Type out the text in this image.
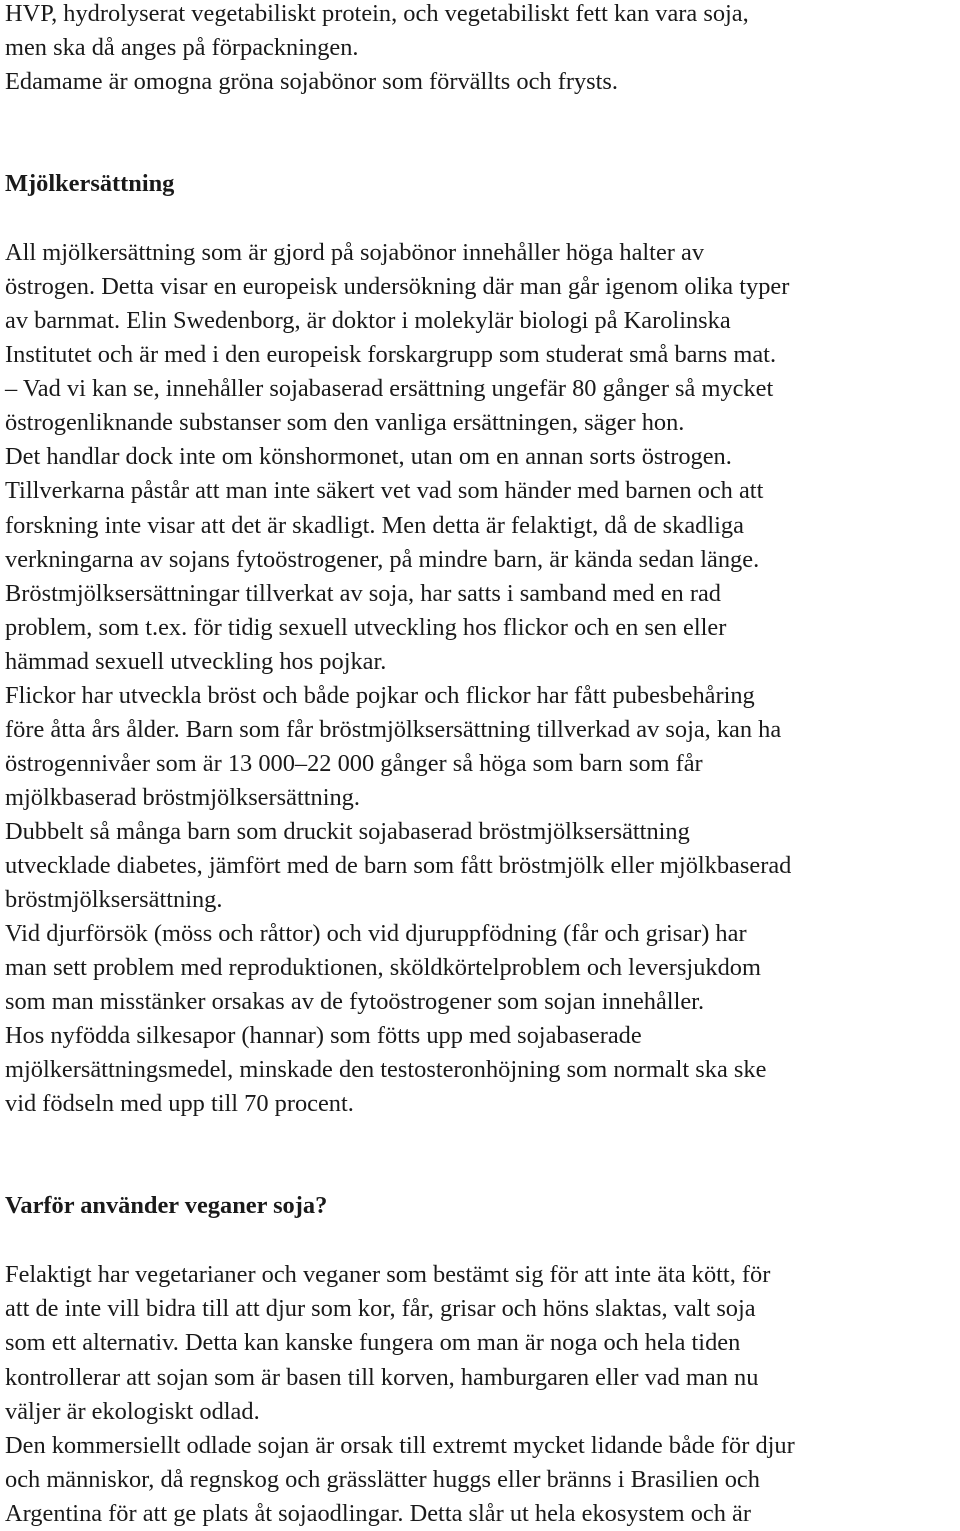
HVP, hydrolyserat vegetabiliskt protein, och vegetabiliskt fett kan vara soja,
men ska då anges på förpackningen.
Edamame är omogna gröna sojabönor som förvällts och frysts.

Mjölkersättning

All mjölkersättning som är gjord på sojabönor innehåller höga halter av
östrogen. Detta visar en europeisk undersökning där man går igenom olika typer
av barnmat. Elin Swedenborg, är doktor i molekylär biologi på Karolinska
Institutet och är med i den europeisk forskargrupp som studerat små barns mat.
– Vad vi kan se, innehåller sojabaserad ersättning ungefär 80 gånger så mycket
östrogenliknande substanser som den vanliga ersättningen, säger hon.
Det handlar dock inte om könshormonet, utan om en annan sorts östrogen.
Tillverkarna påstår att man inte säkert vet vad som händer med barnen och att
forskning inte visar att det är skadligt. Men detta är felaktigt, då de skadliga
verkningarna av sojans fytoöstrogener, på mindre barn, är kända sedan länge.
Bröstmjölksersättningar tillverkat av soja, har satts i samband med en rad
problem, som t.ex. för tidig sexuell utveckling hos flickor och en sen eller
hämmad sexuell utveckling hos pojkar.
Flickor har utveckla bröst och både pojkar och flickor har fått pubesbehåring
före åtta års ålder. Barn som får bröstmjölksersättning tillverkad av soja, kan ha
östrogennivåer som är 13 000–22 000 gånger så höga som barn som får
mjölkbaserad bröstmjölksersättning.
Dubbelt så många barn som druckit sojabaserad bröstmjölksersättning
utvecklade diabetes, jämfört med de barn som fått bröstmjölk eller mjölkbaserad
bröstmjölksersättning.
Vid djurförsök (möss och råttor) och vid djuruppfödning (får och grisar) har
man sett problem med reproduktionen, sköldkörtelproblem och leversjukdom
som man misstänker orsakas av de fytoöstrogener som sojan innehåller.
Hos nyfödda silkesapor (hannar) som fötts upp med sojabaserade
mjölkersättningsmedel, minskade den testosteronhöjning som normalt ska ske
vid födseln med upp till 70 procent.

Varför använder veganer soja?

Felaktigt har vegetarianer och veganer som bestämt sig för att inte äta kött, för
att de inte vill bidra till att djur som kor, får, grisar och höns slaktas, valt soja
som ett alternativ. Detta kan kanske fungera om man är noga och hela tiden
kontrollerar att sojan som är basen till korven, hamburgaren eller vad man nu
väljer är ekologiskt odlad.
Den kommersiellt odlade sojan är orsak till extremt mycket lidande både för djur
och människor, då regnskog och grässlätter huggs eller bränns i Brasilien och
Argentina för att ge plats åt sojaodlingar. Detta slår ut hela ekosystem och är
